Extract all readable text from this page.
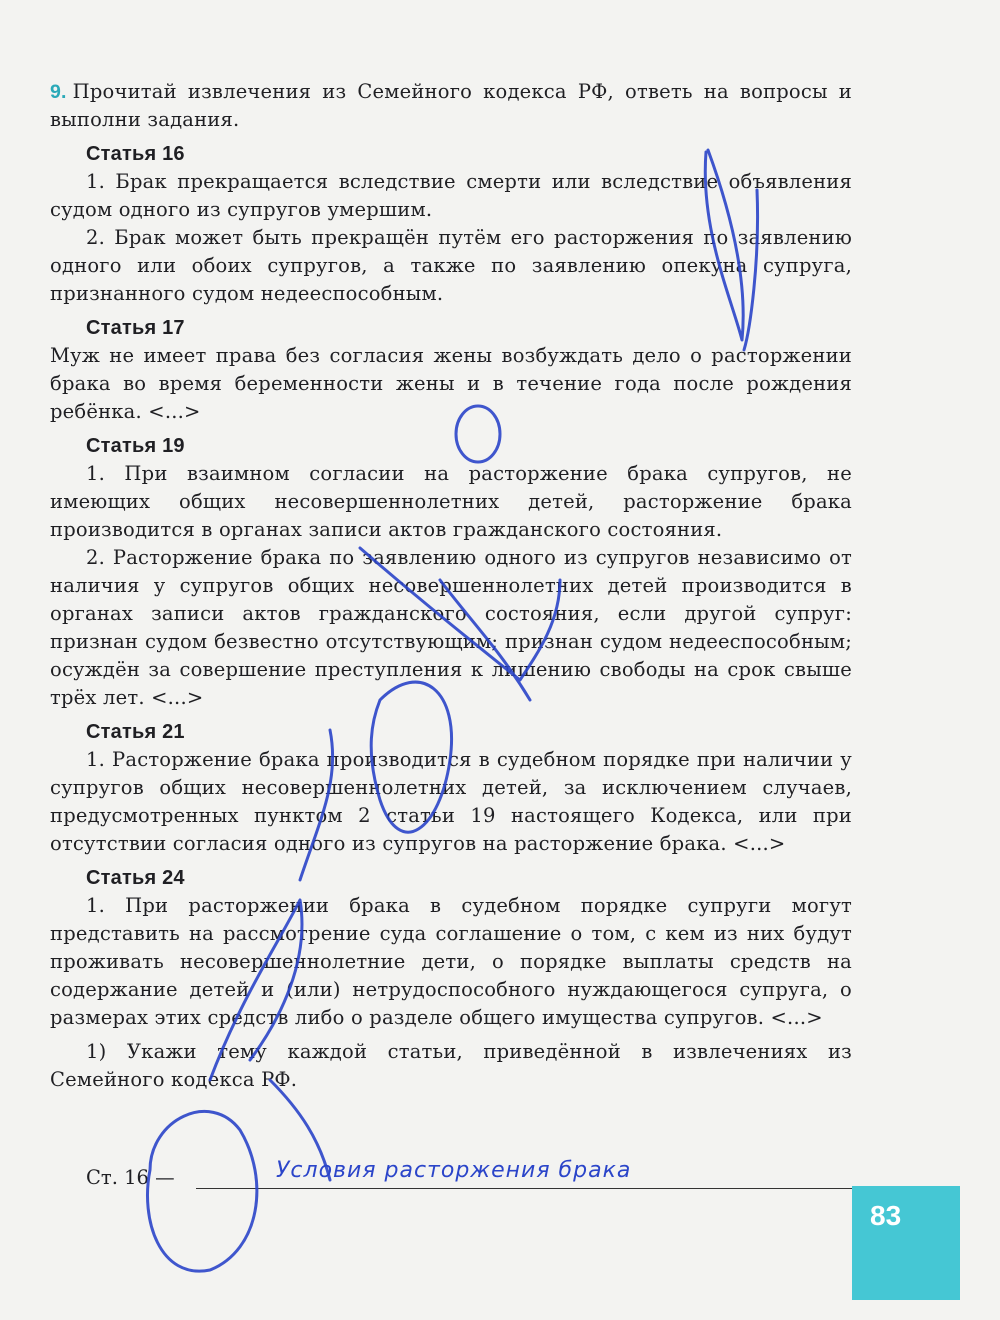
9. Прочитай извлечения из Семейного кодекса РФ, ответь на вопросы и выполни задания.

Статья 16

1. Брак прекращается вследствие смерти или вследствие объявления судом одного из супругов умершим.

2. Брак может быть прекращён путём его расторжения по заявлению одного или обоих супругов, а также по заявлению опекуна супруга, признанного судом недееспособным.

Статья 17

Муж не имеет права без согласия жены возбуждать дело о расторжении брака во время беременности жены и в течение года после рождения ребёнка. <...>

Статья 19

1. При взаимном согласии на расторжение брака супругов, не имеющих общих несовершеннолетних детей, расторжение брака производится в органах записи актов гражданского состояния.

2. Расторжение брака по заявлению одного из супругов независимо от наличия у супругов общих несовершеннолетних детей производится в органах записи актов гражданского состояния, если другой супруг: признан судом безвестно отсутствующим; признан судом недееспособным; осуждён за совершение преступления к лишению свободы на срок свыше трёх лет. <...>

Статья 21

1. Расторжение брака производится в судебном порядке при наличии у супругов общих несовершеннолетних детей, за исключением случаев, предусмотренных пунктом 2 статьи 19 настоящего Кодекса, или при отсутствии согласия одного из супругов на расторжение брака. <...>

Статья 24

1. При расторжении брака в судебном порядке супруги могут представить на рассмотрение суда соглашение о том, с кем из них будут проживать несовершеннолетние дети, о порядке выплаты средств на содержание детей и (или) нетрудоспособного нуждающегося супруга, о размерах этих средств либо о разделе общего имущества супругов. <...>

1) Укажи тему каждой статьи, приведённой в извлечениях из Семейного кодекса РФ.

Ст. 16 —	Условия расторжения брака
83
